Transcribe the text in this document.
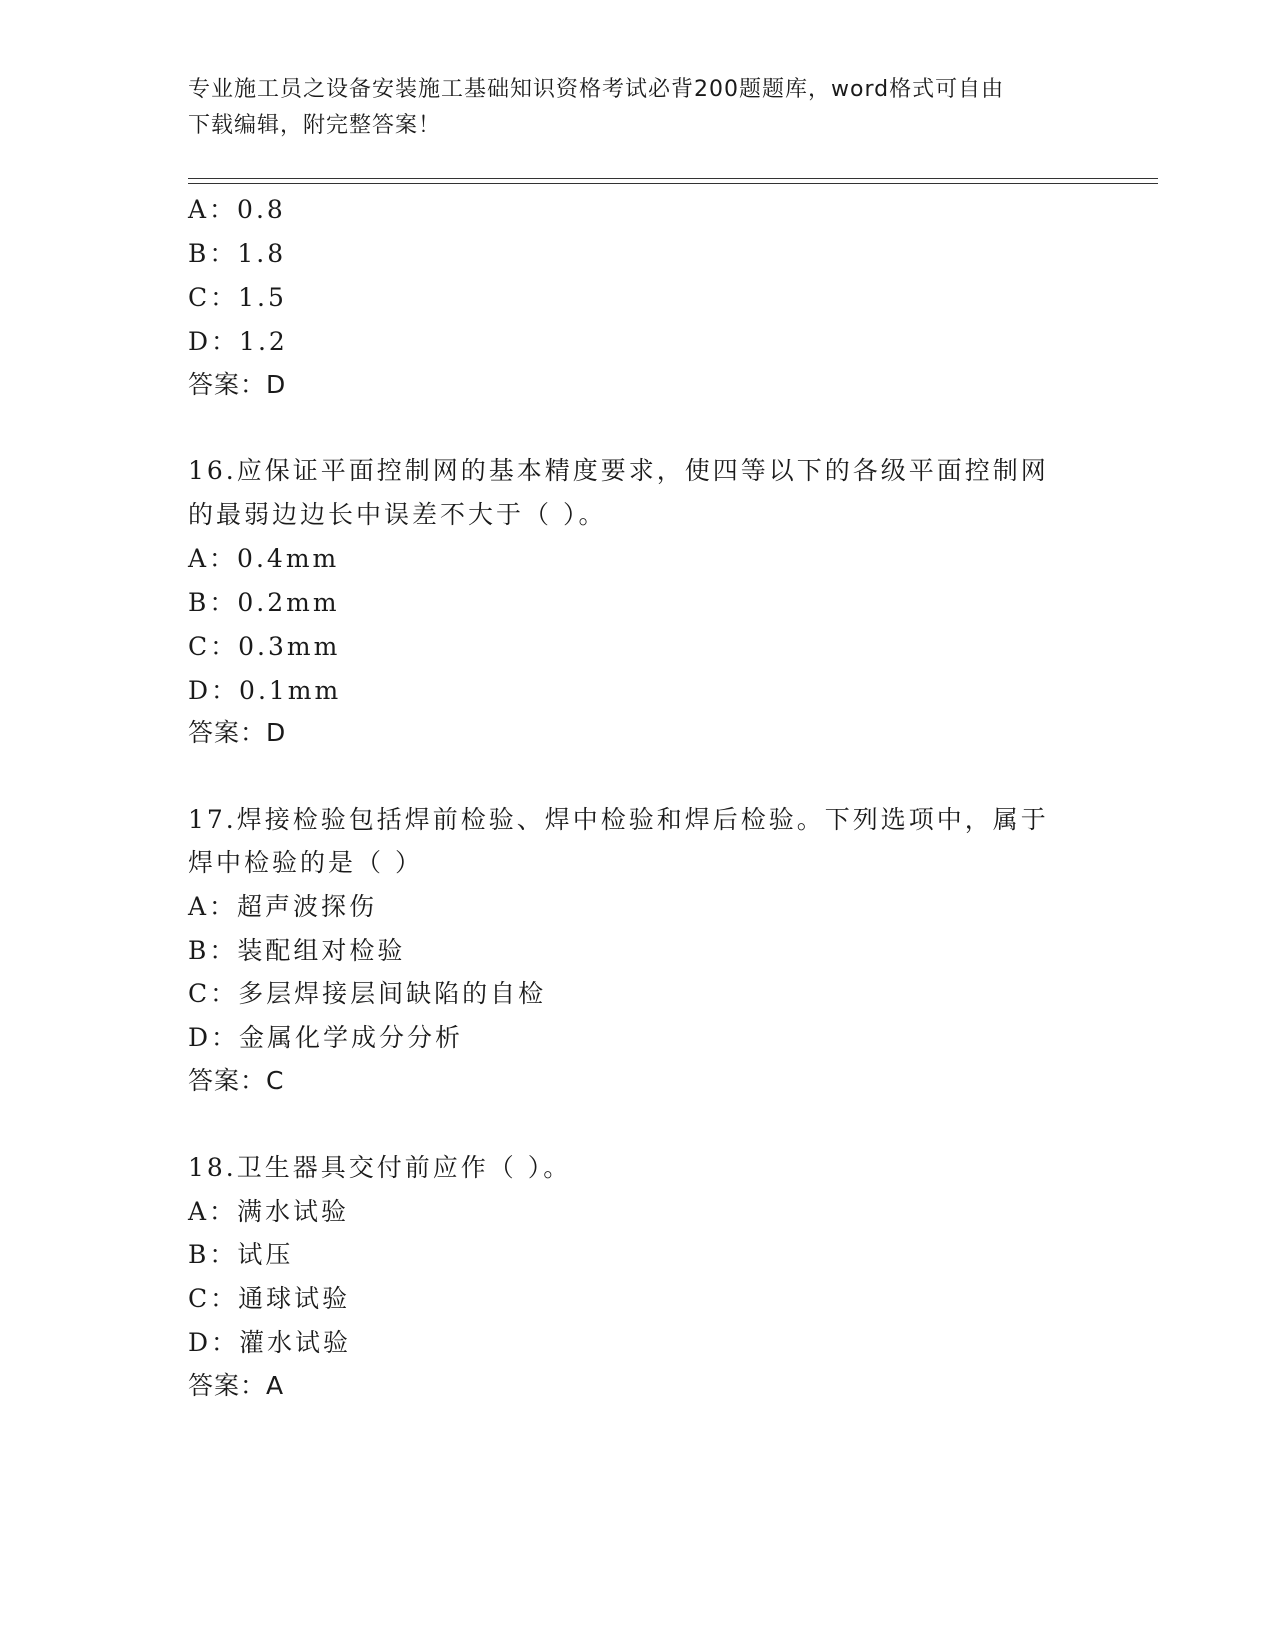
专业施工员之设备安装施工基础知识资格考试必背200题题库，word格式可自由
下载编辑，附完整答案！
A：0.8
B：1.8
C：1.5
D：1.2
答案：D
16.应保证平面控制网的基本精度要求，使四等以下的各级平面控制网
的最弱边边长中误差不大于（ ）。
A：0.4mm
B：0.2mm
C：0.3mm
D：0.1mm
答案：D
17.焊接检验包括焊前检验、焊中检验和焊后检验。下列选项中，属于
焊中检验的是（ ）
A：超声波探伤
B：装配组对检验
C：多层焊接层间缺陷的自检
D：金属化学成分分析
答案：C
18.卫生器具交付前应作（ ）。
A：满水试验
B：试压
C：通球试验
D：灌水试验
答案：A
